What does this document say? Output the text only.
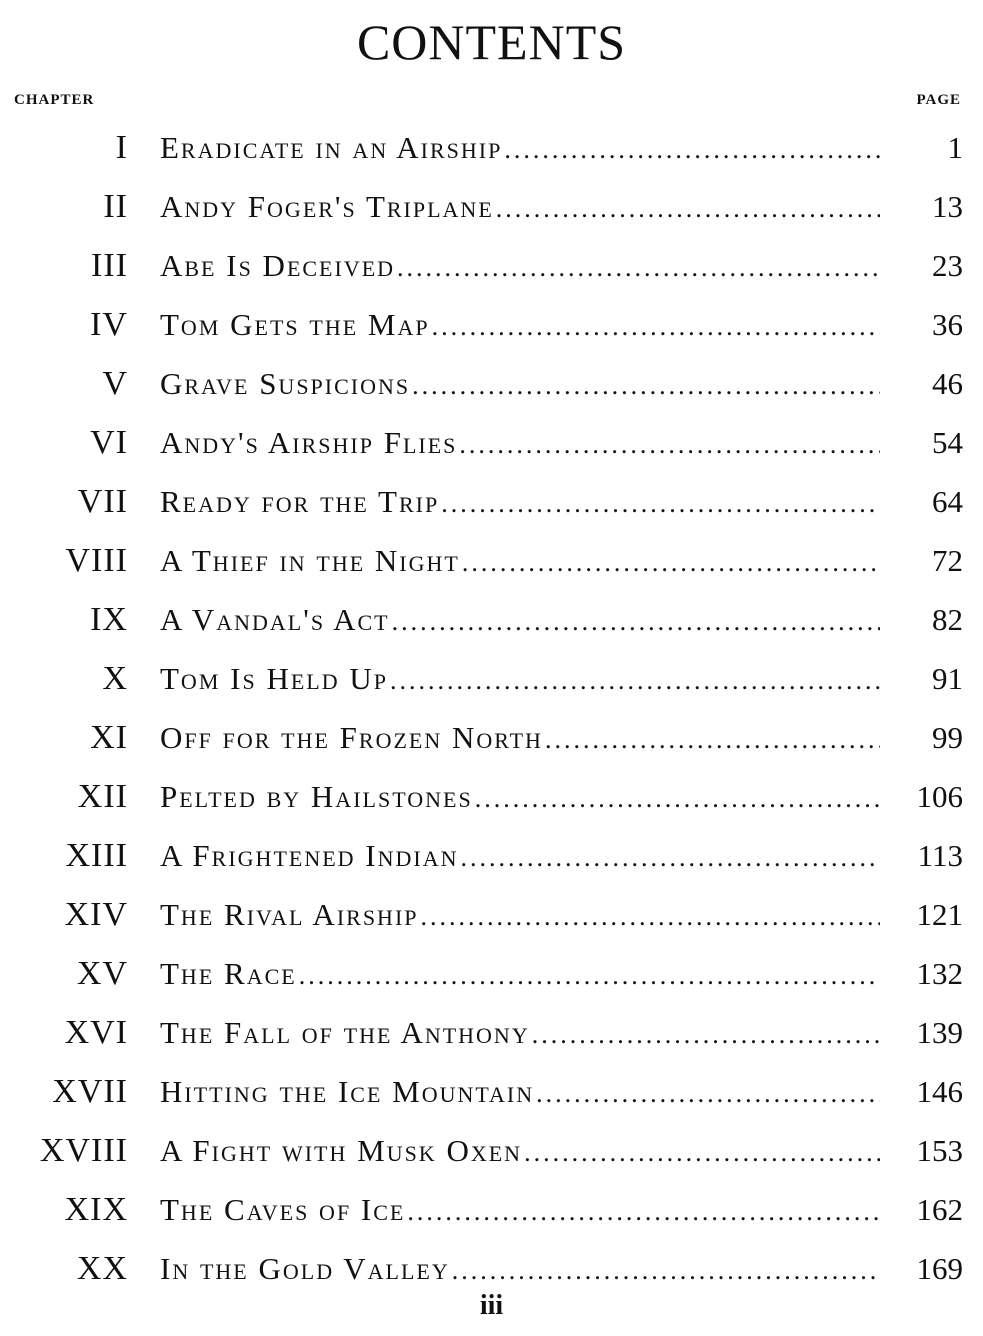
CONTENTS
CHAPTER	PAGE
I Eradicate in an Airship .....	1
II Andy Foger's Triplane .....	13
III Abe Is Deceived .....	23
IV Tom Gets the Map .....	36
V Grave Suspicions .....	46
VI Andy's Airship Flies .....	54
VII Ready for the Trip .....	64
VIII A Thief in the Night .....	72
IX A Vandal's Act .....	82
X Tom Is Held Up .....	91
XI Off for the Frozen North .....	99
XII Pelted by Hailstones .....	106
XIII A Frightened Indian .....	113
XIV The Rival Airship .....	121
XV The Race .....	132
XVI The Fall of the Anthony .....	139
XVII Hitting the Ice Mountain .....	146
XVIII A Fight with Musk Oxen .....	153
XIX The Caves of Ice .....	162
XX In the Gold Valley .....	169
iii
